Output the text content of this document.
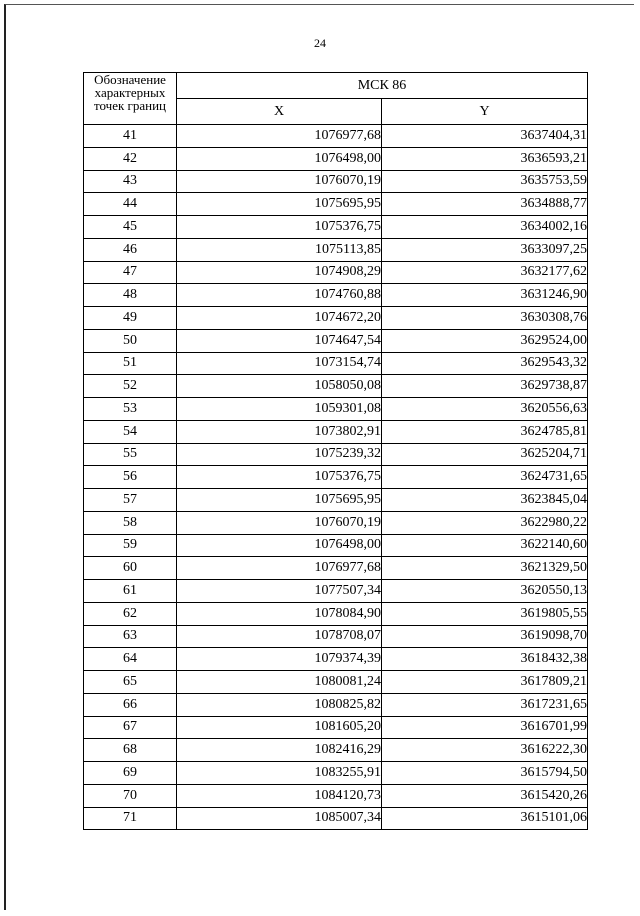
24
Обозначение характерных точек границ	МСК 86	
	X	Y
41	1076977,68	3637404,31
42	1076498,00	3636593,21
43	1076070,19	3635753,59
44	1075695,95	3634888,77
45	1075376,75	3634002,16
46	1075113,85	3633097,25
47	1074908,29	3632177,62
48	1074760,88	3631246,90
49	1074672,20	3630308,76
50	1074647,54	3629524,00
51	1073154,74	3629543,32
52	1058050,08	3629738,87
53	1059301,08	3620556,63
54	1073802,91	3624785,81
55	1075239,32	3625204,71
56	1075376,75	3624731,65
57	1075695,95	3623845,04
58	1076070,19	3622980,22
59	1076498,00	3622140,60
60	1076977,68	3621329,50
61	1077507,34	3620550,13
62	1078084,90	3619805,55
63	1078708,07	3619098,70
64	1079374,39	3618432,38
65	1080081,24	3617809,21
66	1080825,82	3617231,65
67	1081605,20	3616701,99
68	1082416,29	3616222,30
69	1083255,91	3615794,50
70	1084120,73	3615420,26
71	1085007,34	3615101,06
